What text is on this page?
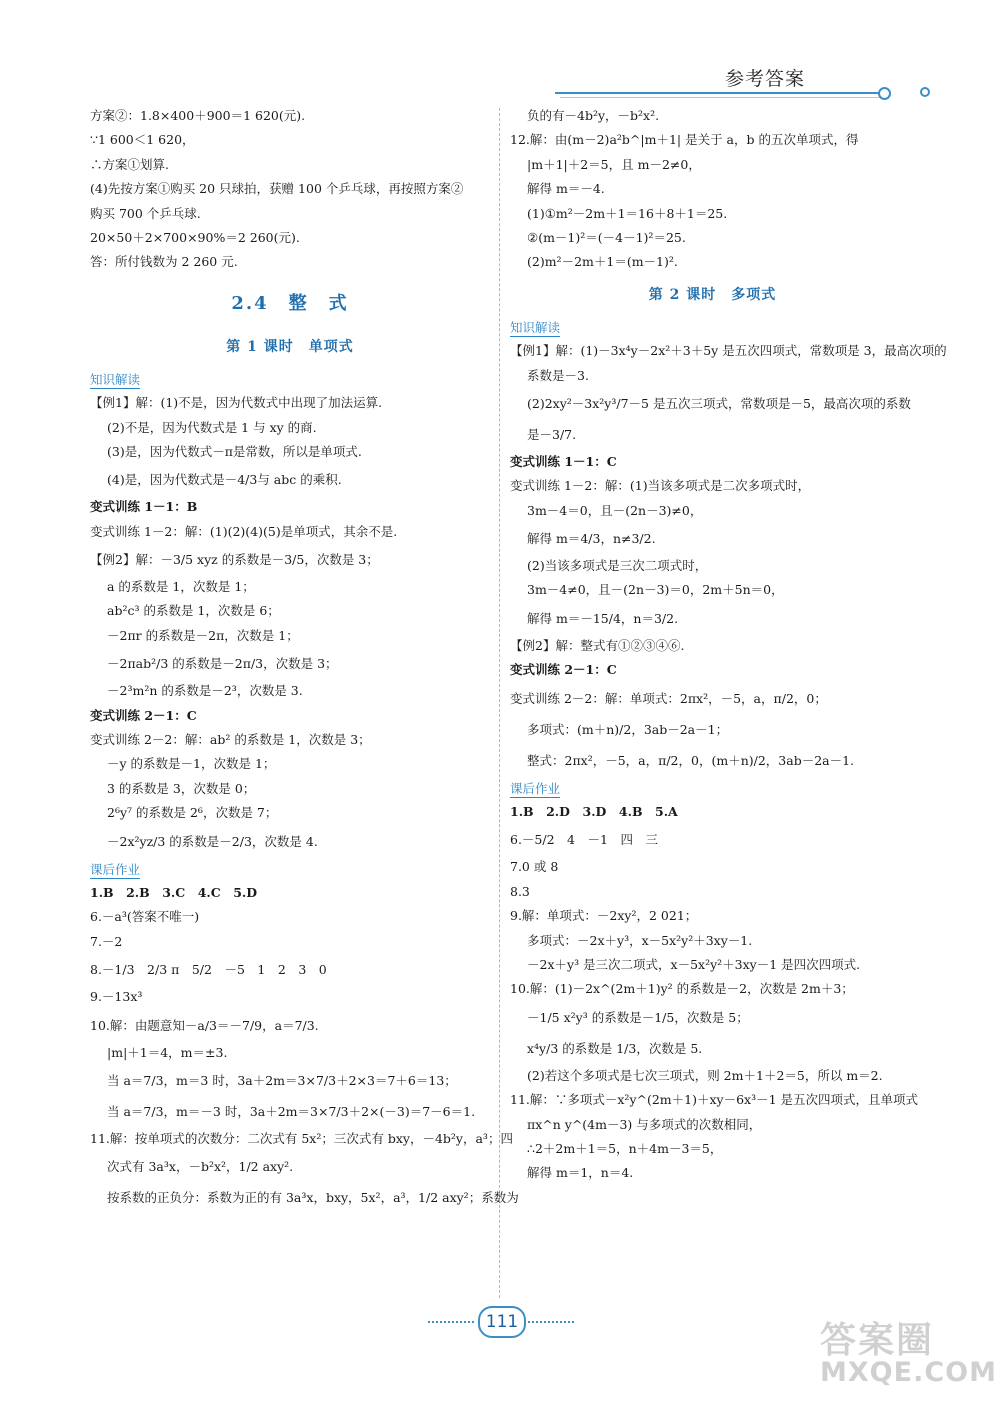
参考答案
方案②：1.8×400＋900＝1 620(元).
∵1 600＜1 620，
∴方案①划算.
(4)先按方案①购买 20 只球拍，获赠 100 个乒乓球，再按照方案②
购买 700 个乒乓球.
20×50＋2×700×90%＝2 260(元).
答：所付钱数为 2 260 元.
2.4　整　式
第 1 课时　单项式
知识解读
【例1】解：(1)不是，因为代数式中出现了加法运算.
(2)不是，因为代数式是 1 与 xy 的商.
(3)是，因为代数式－π是常数，所以是单项式.
(4)是，因为代数式是－4/3与 abc 的乘积.
变式训练 1－1：B
变式训练 1－2：解：(1)(2)(4)(5)是单项式，其余不是.
【例2】解：－3/5 xyz 的系数是－3/5，次数是 3；
a 的系数是 1，次数是 1；
ab²c³ 的系数是 1，次数是 6；
－2πr 的系数是－2π，次数是 1；
－2πab²/3 的系数是－2π/3，次数是 3；
－2³m²n 的系数是－2³，次数是 3.
变式训练 2－1：C
变式训练 2－2：解：ab² 的系数是 1，次数是 3；
－y 的系数是－1，次数是 1；
3 的系数是 3，次数是 0；
2⁶y⁷ 的系数是 2⁶，次数是 7；
－2x²yz/3 的系数是－2/3，次数是 4.
课后作业
1.B　2.B　3.C　4.C　5.D
6.－a³(答案不唯一)
7.－2
8.－1/3　2/3 π　5/2　－5　1　2　3　0
9.－13x³
10.解：由题意知－a/3＝－7/9，a＝7/3.
|m|＋1＝4，m＝±3.
当 a＝7/3，m＝3 时，3a＋2m＝3×7/3＋2×3＝7＋6＝13；
当 a＝7/3，m＝－3 时，3a＋2m＝3×7/3＋2×(－3)＝7－6＝1.
11.解：按单项式的次数分：二次式有 5x²；三次式有 bxy，－4b²y，a³；四
次式有 3a³x，－b²x²，1/2 axy².
按系数的正负分：系数为正的有 3a³x，bxy，5x²，a³，1/2 axy²；系数为
负的有－4b²y，－b²x².
12.解：由(m－2)a²b^|m＋1| 是关于 a，b 的五次单项式，得
|m＋1|＋2＝5，且 m－2≠0，
解得 m＝－4.
(1)①m²－2m＋1＝16＋8＋1＝25.
②(m－1)²＝(－4－1)²＝25.
(2)m²－2m＋1＝(m－1)².
第 2 课时　多项式
知识解读
【例1】解：(1)－3x⁴y－2x²＋3＋5y 是五次四项式，常数项是 3，最高次项的
系数是－3.
(2)2xy²－3x²y³/7－5 是五次三项式，常数项是－5，最高次项的系数
是－3/7.
变式训练 1－1：C
变式训练 1－2：解：(1)当该多项式是二次多项式时，
3m－4＝0，且－(2n－3)≠0，
解得 m＝4/3，n≠3/2.
(2)当该多项式是三次二项式时，
3m－4≠0，且－(2n－3)＝0，2m＋5n＝0，
解得 m＝－15/4，n＝3/2.
【例2】解：整式有①②③④⑥.
变式训练 2－1：C
变式训练 2－2：解：单项式：2πx²，－5，a，π/2，0；
多项式：(m＋n)/2，3ab－2a－1；
整式：2πx²，－5，a，π/2，0，(m＋n)/2，3ab－2a－1.
课后作业
1.B　2.D　3.D　4.B　5.A
6.－5/2　4　－1　四　三
7.0 或 8
8.3
9.解：单项式：－2xy²，2 021；
多项式：－2x＋y³，x－5x²y²＋3xy－1.
－2x＋y³ 是三次二项式，x－5x²y²＋3xy－1 是四次四项式.
10.解：(1)－2x^(2m＋1)y² 的系数是－2，次数是 2m＋3；
－1/5 x²y³ 的系数是－1/5，次数是 5；
x⁴y/3 的系数是 1/3，次数是 5.
(2)若这个多项式是七次三项式，则 2m＋1＋2＝5，所以 m＝2.
11.解：∵多项式－x²y^(2m＋1)＋xy－6x³－1 是五次四项式，且单项式
πx^n y^(4m－3) 与多项式的次数相同，
∴2＋2m＋1＝5，n＋4m－3＝5，
解得 m＝1，n＝4.
111	答案圈
MXQE.COM
